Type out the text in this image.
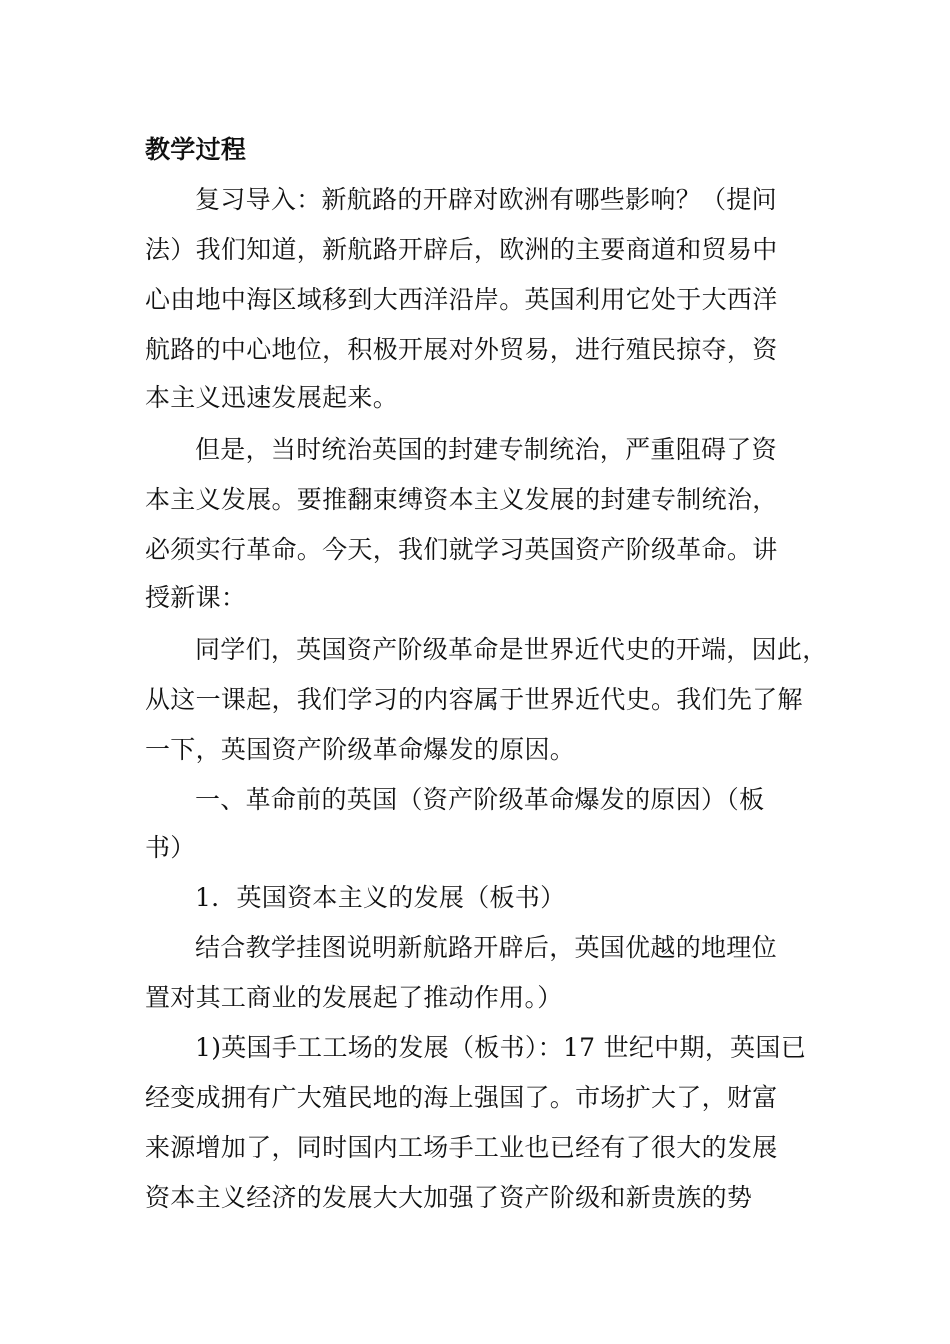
教学过程
复习导入：新航路的开辟对欧洲有哪些影响？（提问
法）我们知道，新航路开辟后，欧洲的主要商道和贸易中
心由地中海区域移到大西洋沿岸。英国利用它处于大西洋
航路的中心地位，积极开展对外贸易，进行殖民掠夺，资
本主义迅速发展起来。
但是，当时统治英国的封建专制统治，严重阻碍了资
本主义发展。要推翻束缚资本主义发展的封建专制统治，
必须实行革命。今天，我们就学习英国资产阶级革命。讲
授新课：
同学们，英国资产阶级革命是世界近代史的开端，因此，
从这一课起，我们学习的内容属于世界近代史。我们先了解
一下，英国资产阶级革命爆发的原因。
一、革命前的英国（资产阶级革命爆发的原因）（板
书）
1．英国资本主义的发展（板书）
结合教学挂图说明新航路开辟后，英国优越的地理位
置对其工商业的发展起了推动作用。）
1)英国手工工场的发展（板书）：17 世纪中期，英国已
经变成拥有广大殖民地的海上强国了。市场扩大了，财富
来源增加了，同时国内工场手工业也已经有了很大的发展
资本主义经济的发展大大加强了资产阶级和新贵族的势
